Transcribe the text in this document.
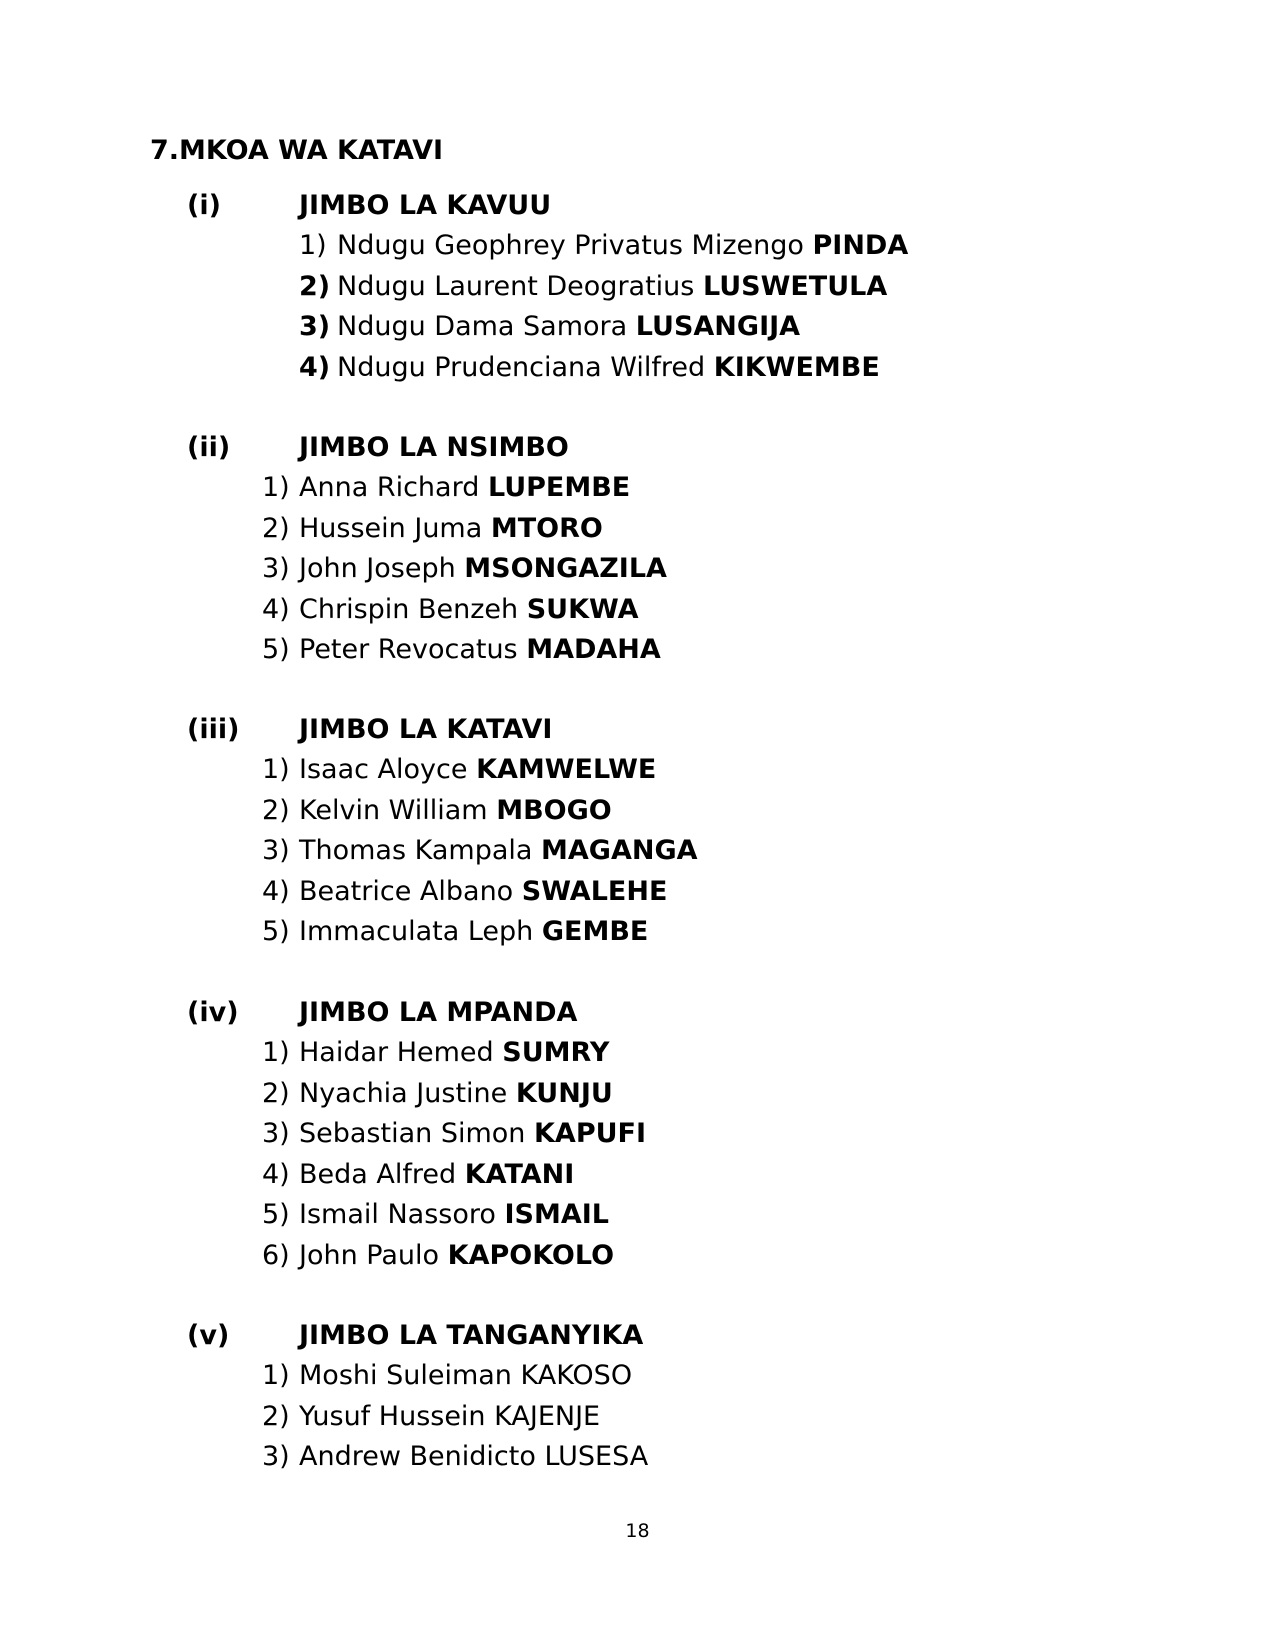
7.MKOA WA KATAVI
(i)	JIMBO LA KAVUU
1) Ndugu Geophrey Privatus Mizengo PINDA
2) Ndugu Laurent Deogratius LUSWETULA
3) Ndugu Dama Samora LUSANGIJA
4) Ndugu Prudenciana Wilfred KIKWEMBE
(ii)	JIMBO LA NSIMBO
1) Anna Richard LUPEMBE
2) Hussein Juma MTORO
3) John Joseph MSONGAZILA
4) Chrispin Benzeh SUKWA
5) Peter Revocatus MADAHA
(iii) JIMBO LA KATAVI
1) Isaac Aloyce KAMWELWE
2) Kelvin William MBOGO
3) Thomas Kampala MAGANGA
4) Beatrice Albano SWALEHE
5) Immaculata Leph GEMBE
(iv) JIMBO LA MPANDA
1) Haidar Hemed SUMRY
2) Nyachia Justine KUNJU
3) Sebastian Simon KAPUFI
4) Beda Alfred KATANI
5) Ismail Nassoro ISMAIL
6) John Paulo KAPOKOLO
(v)	JIMBO LA TANGANYIKA
1) Moshi Suleiman KAKOSO
2) Yusuf Hussein KAJENJE
3) Andrew Benidicto LUSESA
18
